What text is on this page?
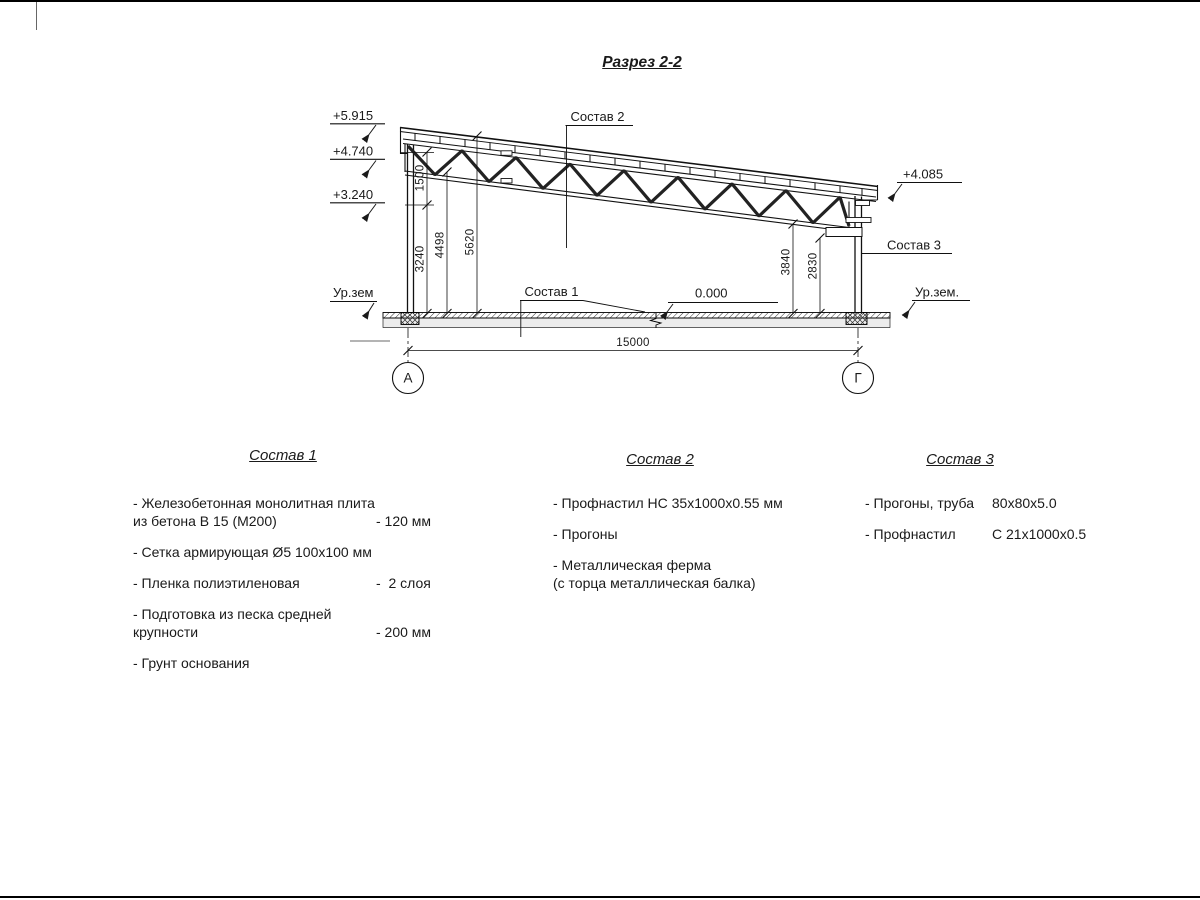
Разрез 2-2
+5.915
+4.740
+3.240
+4.085
0.000
Ур.зем	Ур.зем.
Состав 1
Состав 2
Состав 3
15000
1500
3240
4498 5620
3840 2830
А	Г
Состав 1
- Железобетонная монолитная плита
из бетона В 15 (М200)	- 120 мм
- Сетка армирующая Ø5 100х100 мм
- Пленка полиэтиленовая	-  2 слоя
- Подготовка из песка средней
крупности	- 200 мм
- Грунт основания
Состав 2
- Профнастил НС 35х1000х0.55 мм
- Прогоны
- Металлическая ферма
(с торца металлическая балка)
Состав 3
- Прогоны, труба	80х80х5.0
- Профнастил	С 21х1000х0.5
